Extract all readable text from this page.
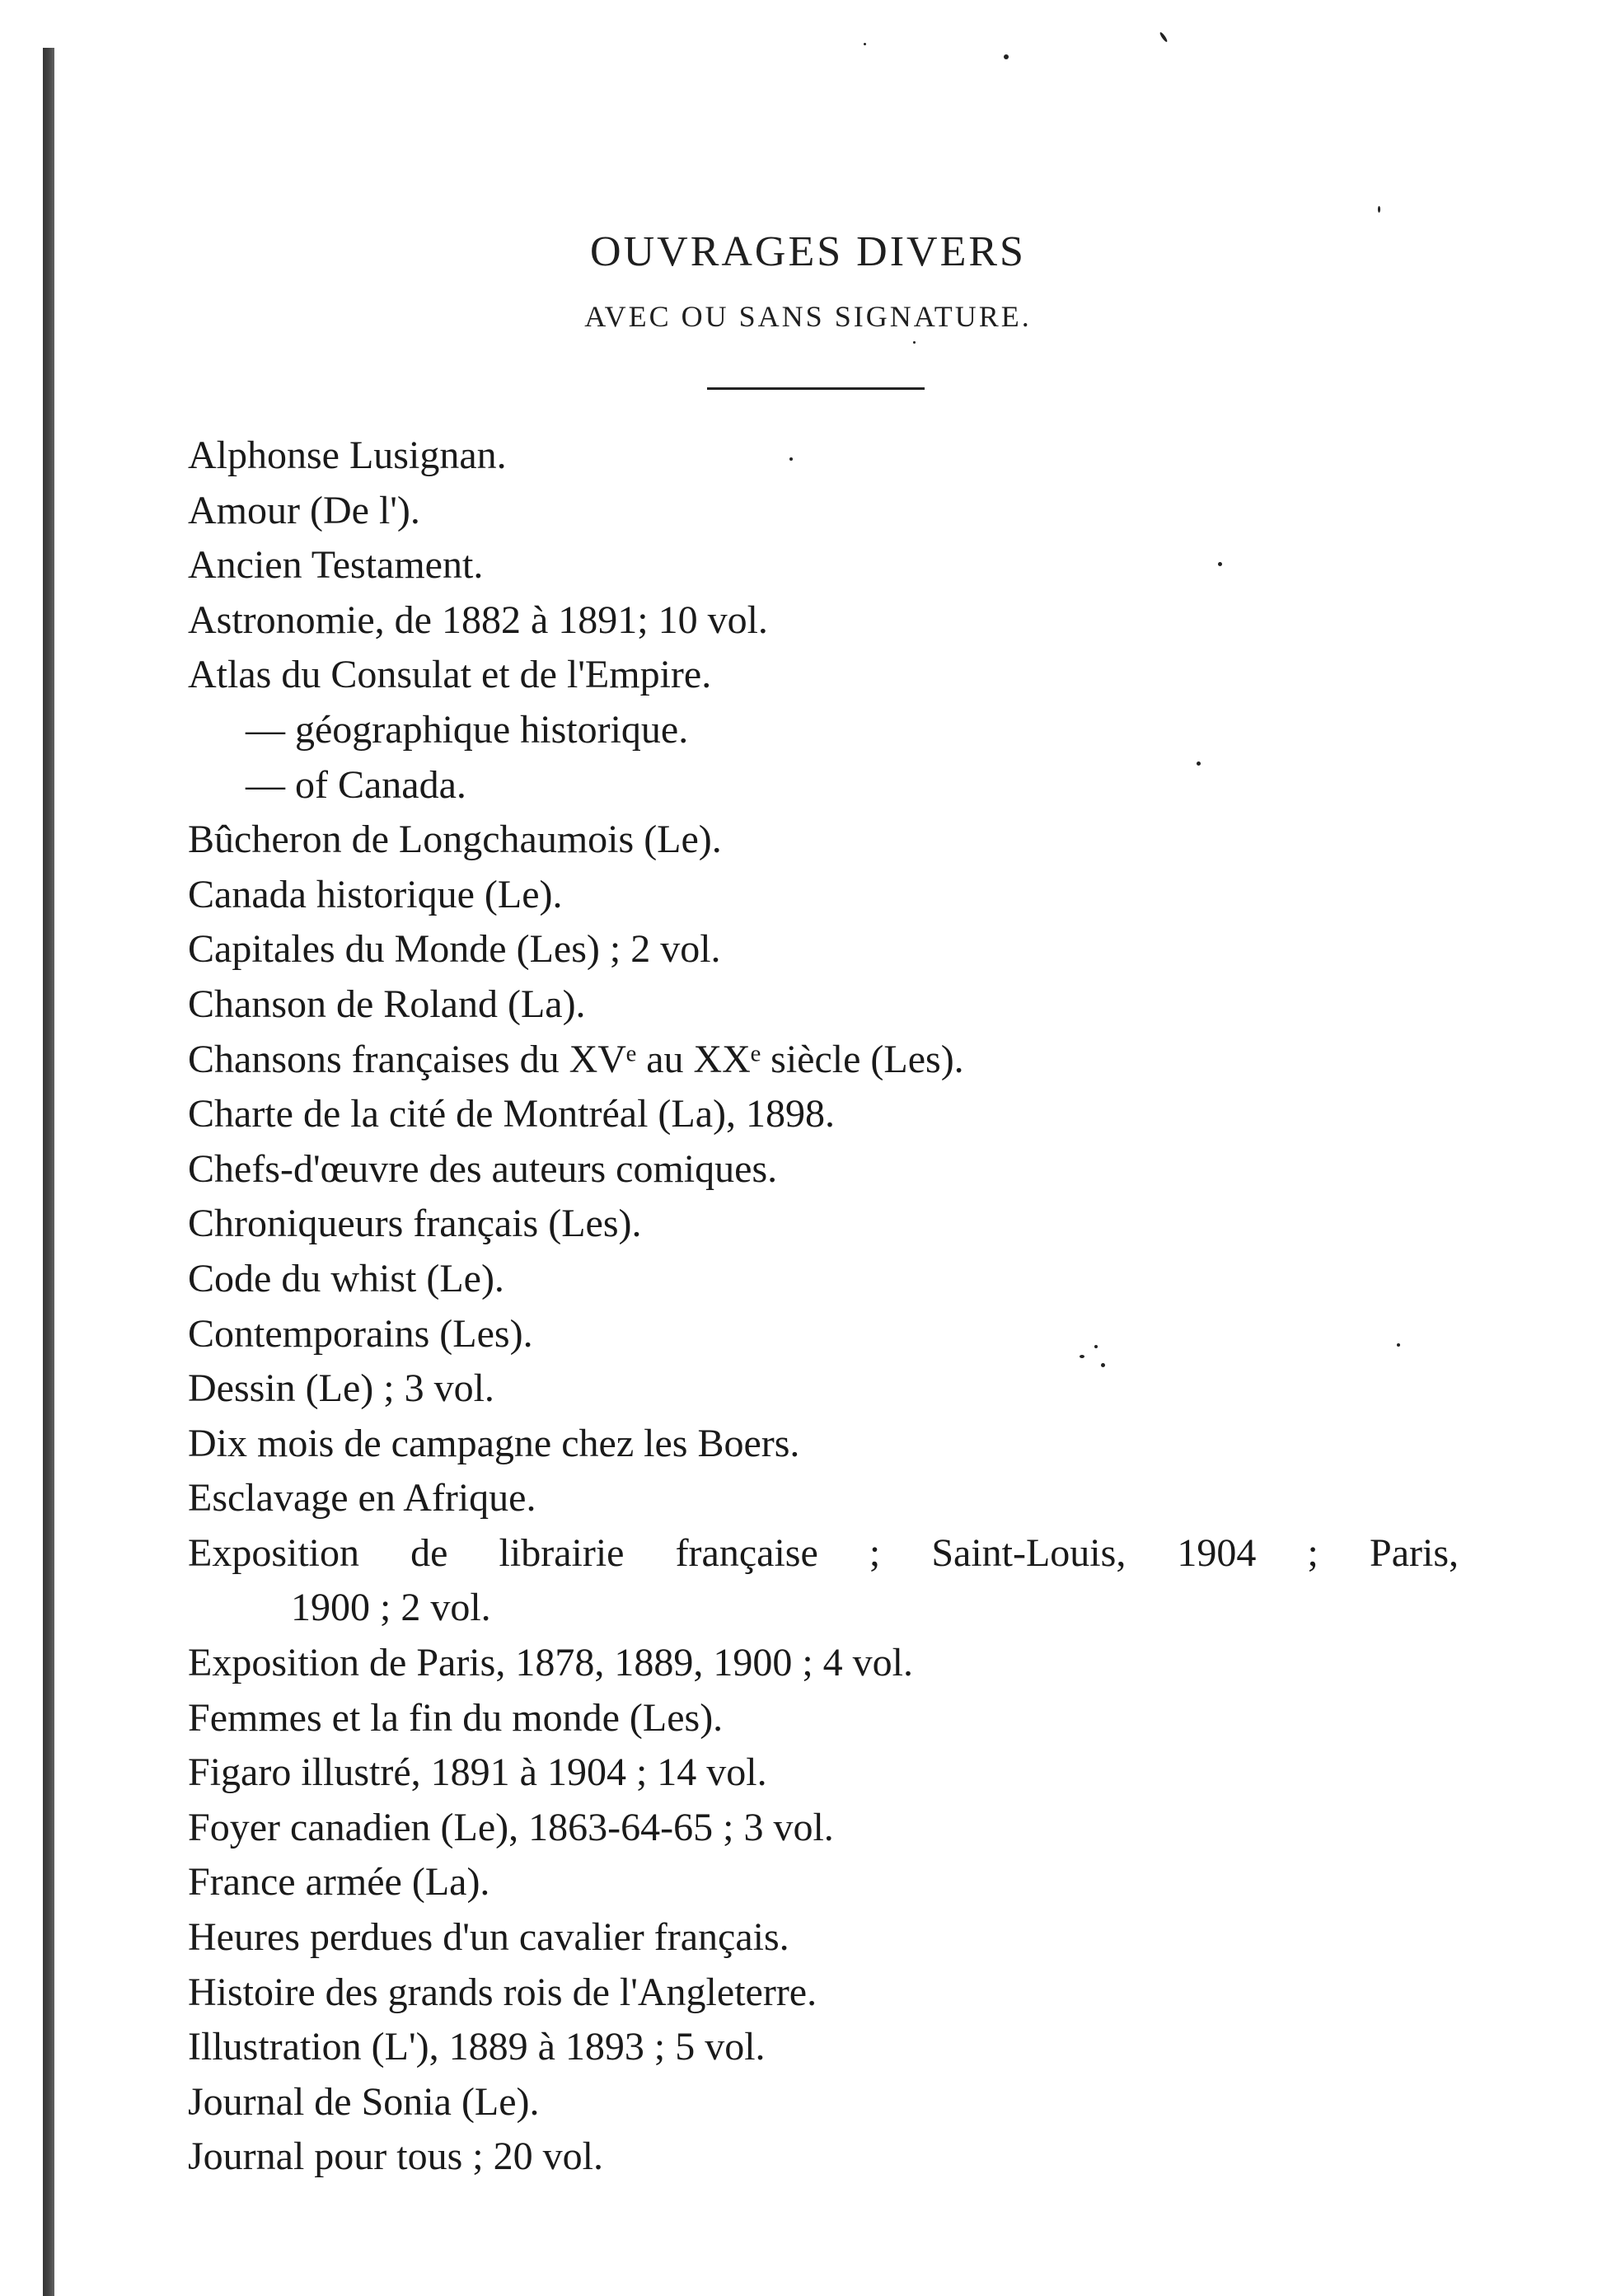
OUVRAGES DIVERS
AVEC OU SANS SIGNATURE.
Alphonse Lusignan.
Amour (De l').
Ancien Testament.
Astronomie, de 1882 à 1891; 10 vol.
Atlas du Consulat et de l'Empire.
— géographique historique.
— of Canada.
Bûcheron de Longchaumois (Le).
Canada historique (Le).
Capitales du Monde (Les) ; 2 vol.
Chanson de Roland (La).
Chansons françaises du XVᵉ au XXᵉ siècle (Les).
Charte de la cité de Montréal (La), 1898.
Chefs-d'œuvre des auteurs comiques.
Chroniqueurs français (Les).
Code du whist (Le).
Contemporains (Les).
Dessin (Le) ; 3 vol.
Dix mois de campagne chez les Boers.
Esclavage en Afrique.
Exposition de librairie française ; Saint-Louis, 1904 ; Paris,
1900 ; 2 vol.
Exposition de Paris, 1878, 1889, 1900 ; 4 vol.
Femmes et la fin du monde (Les).
Figaro illustré, 1891 à 1904 ; 14 vol.
Foyer canadien (Le), 1863-64-65 ; 3 vol.
France armée (La).
Heures perdues d'un cavalier français.
Histoire des grands rois de l'Angleterre.
Illustration (L'), 1889 à 1893 ; 5 vol.
Journal de Sonia (Le).
Journal pour tous ; 20 vol.
